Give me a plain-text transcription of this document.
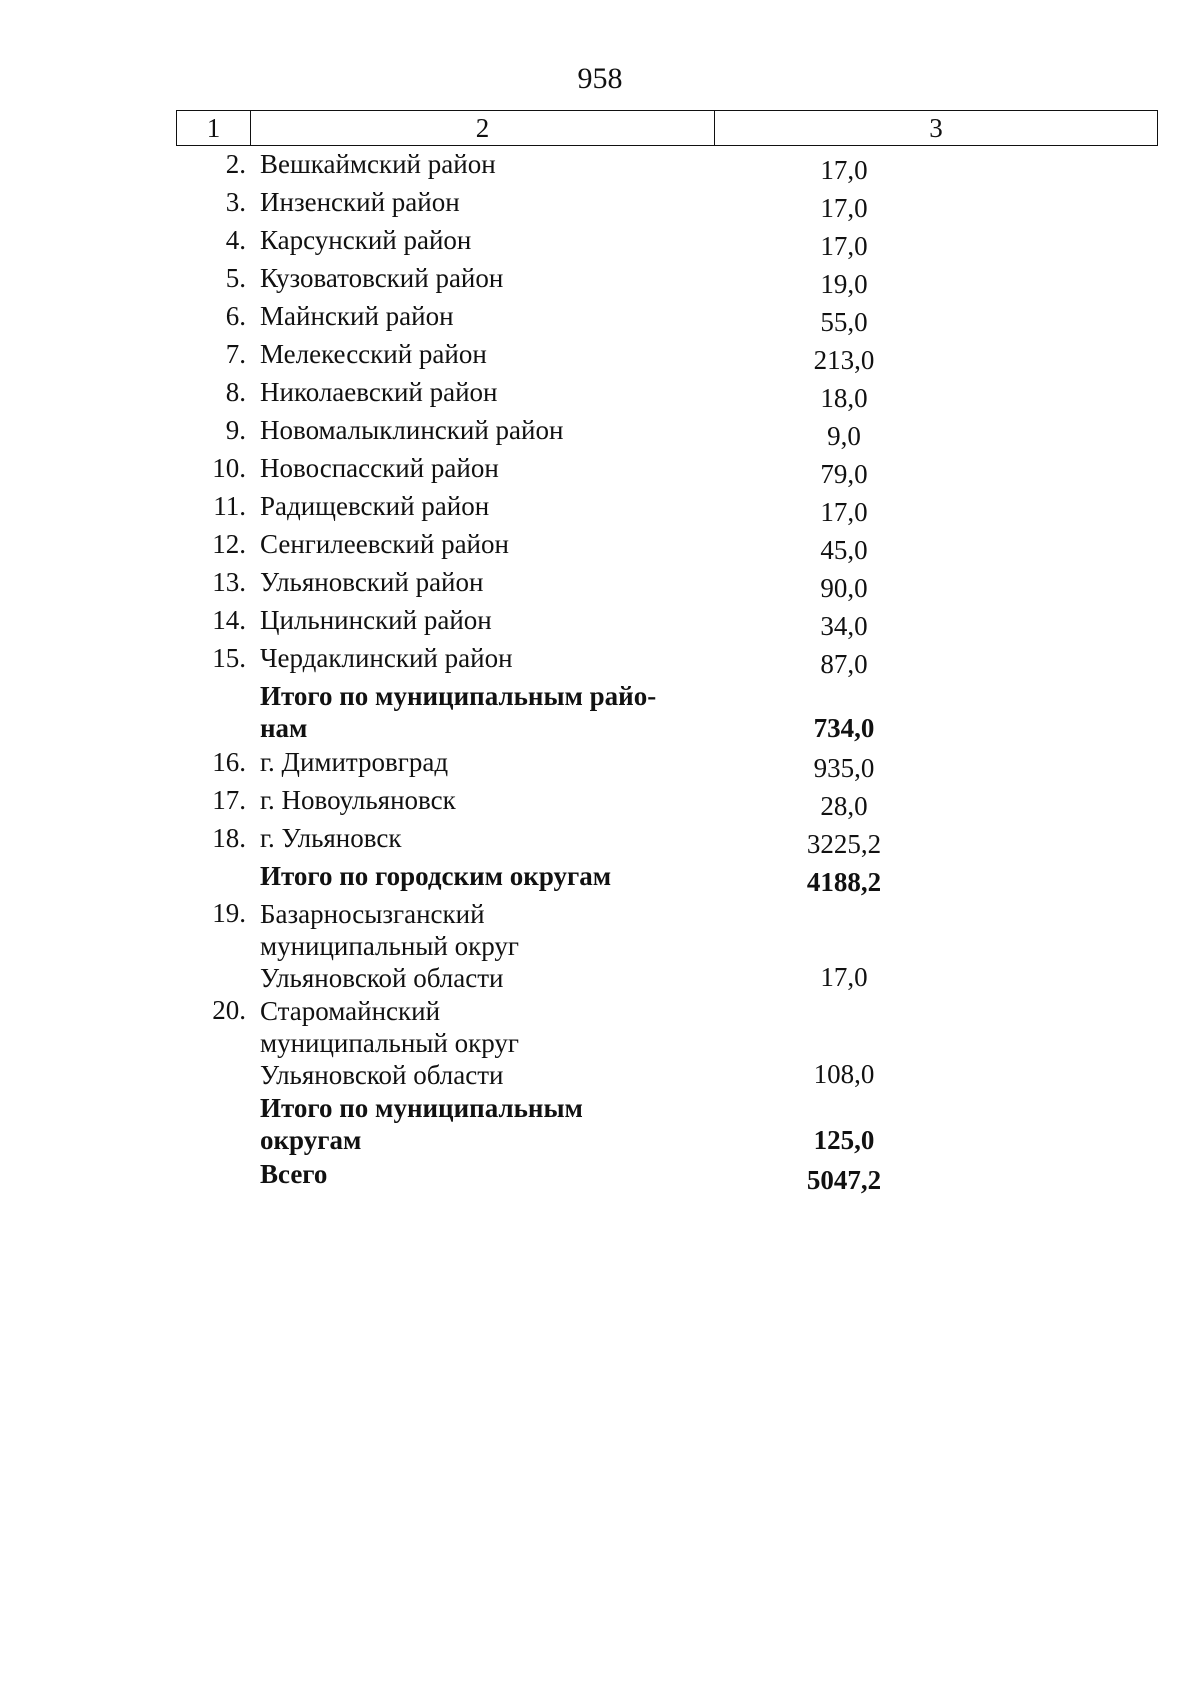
958
1	2	3
2. Вешкаймский район	17,0
3. Инзенский район	17,0
4. Карсунский район	17,0
5. Кузоватовский район	19,0
6. Майнский район	55,0
7. Мелекесский район	213,0
8. Николаевский район	18,0
9. Новомалыклинский район	9,0
10. Новоспасский район	79,0
11. Радищевский район	17,0
12. Сенгилеевский район	45,0
13. Ульяновский район	90,0
14. Цильнинский район	34,0
15. Чердаклинский район	87,0
Итого по муниципальным райо-
нам	734,0
16. г. Димитровград	935,0
17. г. Новоульяновск	28,0
18. г. Ульяновск	3225,2
Итого по городским округам	4188,2
19. Базарносызганский
муниципальный округ
Ульяновской области	17,0
20. Старомайнский
муниципальный округ
Ульяновской области	108,0
Итого по муниципальным
округам	125,0
Всего	5047,2
